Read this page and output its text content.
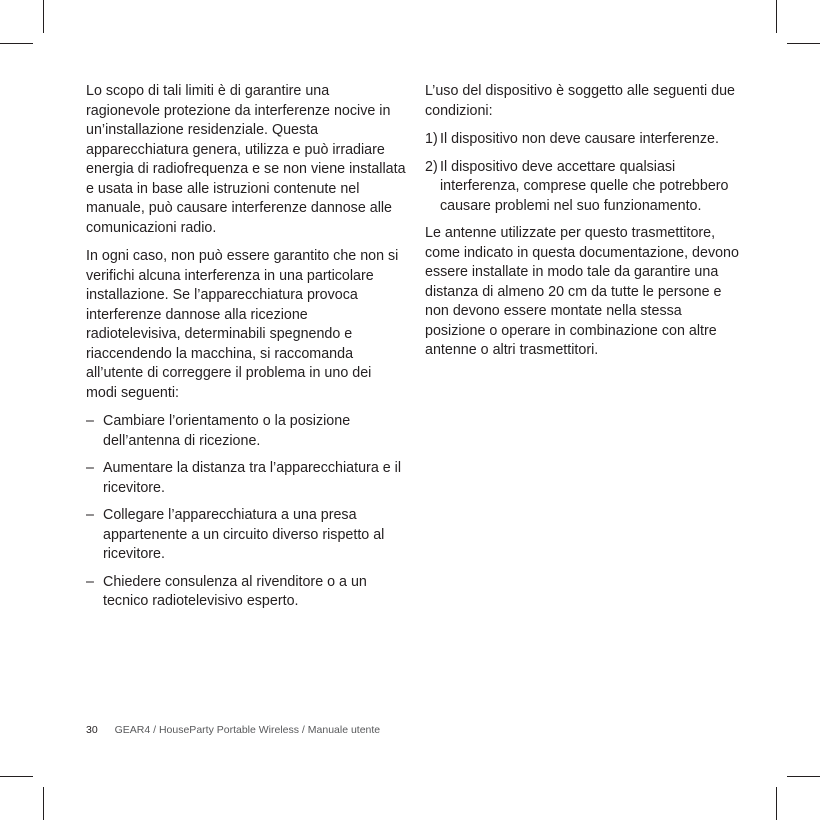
Lo scopo di tali limiti è di garantire una ragionevole protezione da interferenze nocive in un’installazione residenziale. Questa apparecchiatura genera, utilizza e può irradiare energia di radiofrequenza e se non viene installata e usata in base alle istruzioni contenute nel manuale, può causare interferenze dannose alle comunicazioni radio.

In ogni caso, non può essere garantito che non si verifichi alcuna interferenza in una particolare installazione. Se l’apparecchiatura provoca interferenze dannose alla ricezione radiotelevisiva, determinabili spegnendo e riaccendendo la macchina, si raccomanda all’utente di correggere il problema in uno dei modi seguenti:

– Cambiare l’orientamento o la posizione dell’antenna di ricezione.
– Aumentare la distanza tra l’apparecchiatura e il ricevitore.
– Collegare l’apparecchiatura a una presa appartenente a un circuito diverso rispetto al ricevitore.
– Chiedere consulenza al rivenditore o a un tecnico radiotelevisivo esperto.

L’uso del dispositivo è soggetto alle seguenti due condizioni:

1) Il dispositivo non deve causare interferenze.
2) Il dispositivo deve accettare qualsiasi interferenza, comprese quelle che potrebbero causare problemi nel suo funzionamento.

Le antenne utilizzate per questo trasmettitore, come indicato in questa documentazione, devono essere installate in modo tale da garantire una distanza di almeno 20 cm da tutte le persone e non devono essere montate nella stessa posizione o operare in combinazione con altre antenne o altri trasmettitori.

30 GEAR4 / HouseParty Portable Wireless / Manuale utente
